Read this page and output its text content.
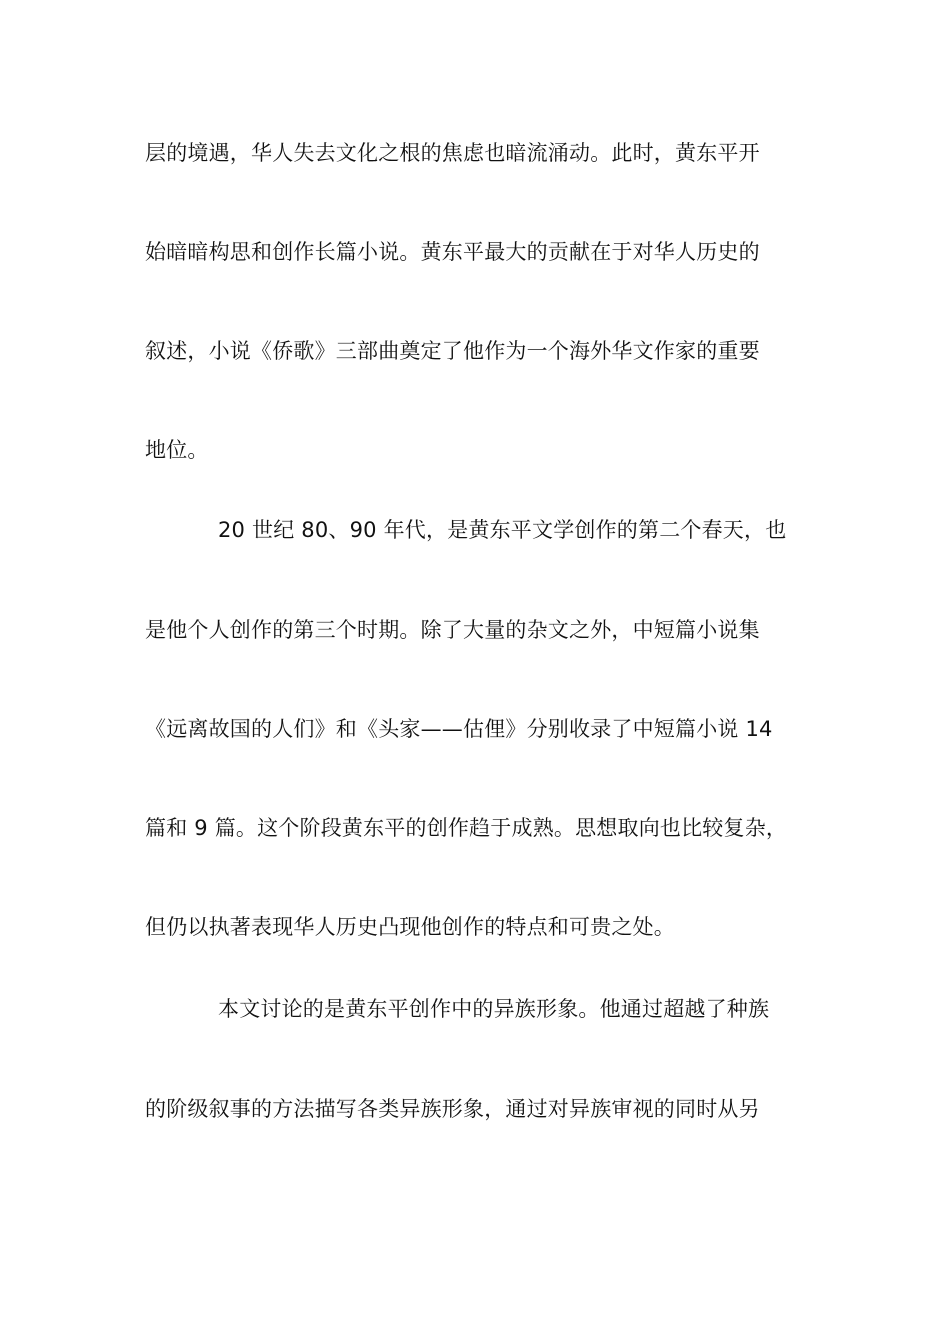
层的境遇，华人失去文化之根的焦虑也暗流涌动。此时，黄东平开
始暗暗构思和创作长篇小说。黄东平最大的贡献在于对华人历史的
叙述，小说《侨歌》三部曲奠定了他作为一个海外华文作家的重要
地位。
20 世纪 80、90 年代，是黄东平文学创作的第二个春天，也
是他个人创作的第三个时期。除了大量的杂文之外，中短篇小说集
《远离故国的人们》和《头家——估俚》分别收录了中短篇小说 14
篇和 9 篇。这个阶段黄东平的创作趋于成熟。思想取向也比较复杂，
但仍以执著表现华人历史凸现他创作的特点和可贵之处。
本文讨论的是黄东平创作中的异族形象。他通过超越了种族
的阶级叙事的方法描写各类异族形象，通过对异族审视的同时从另
